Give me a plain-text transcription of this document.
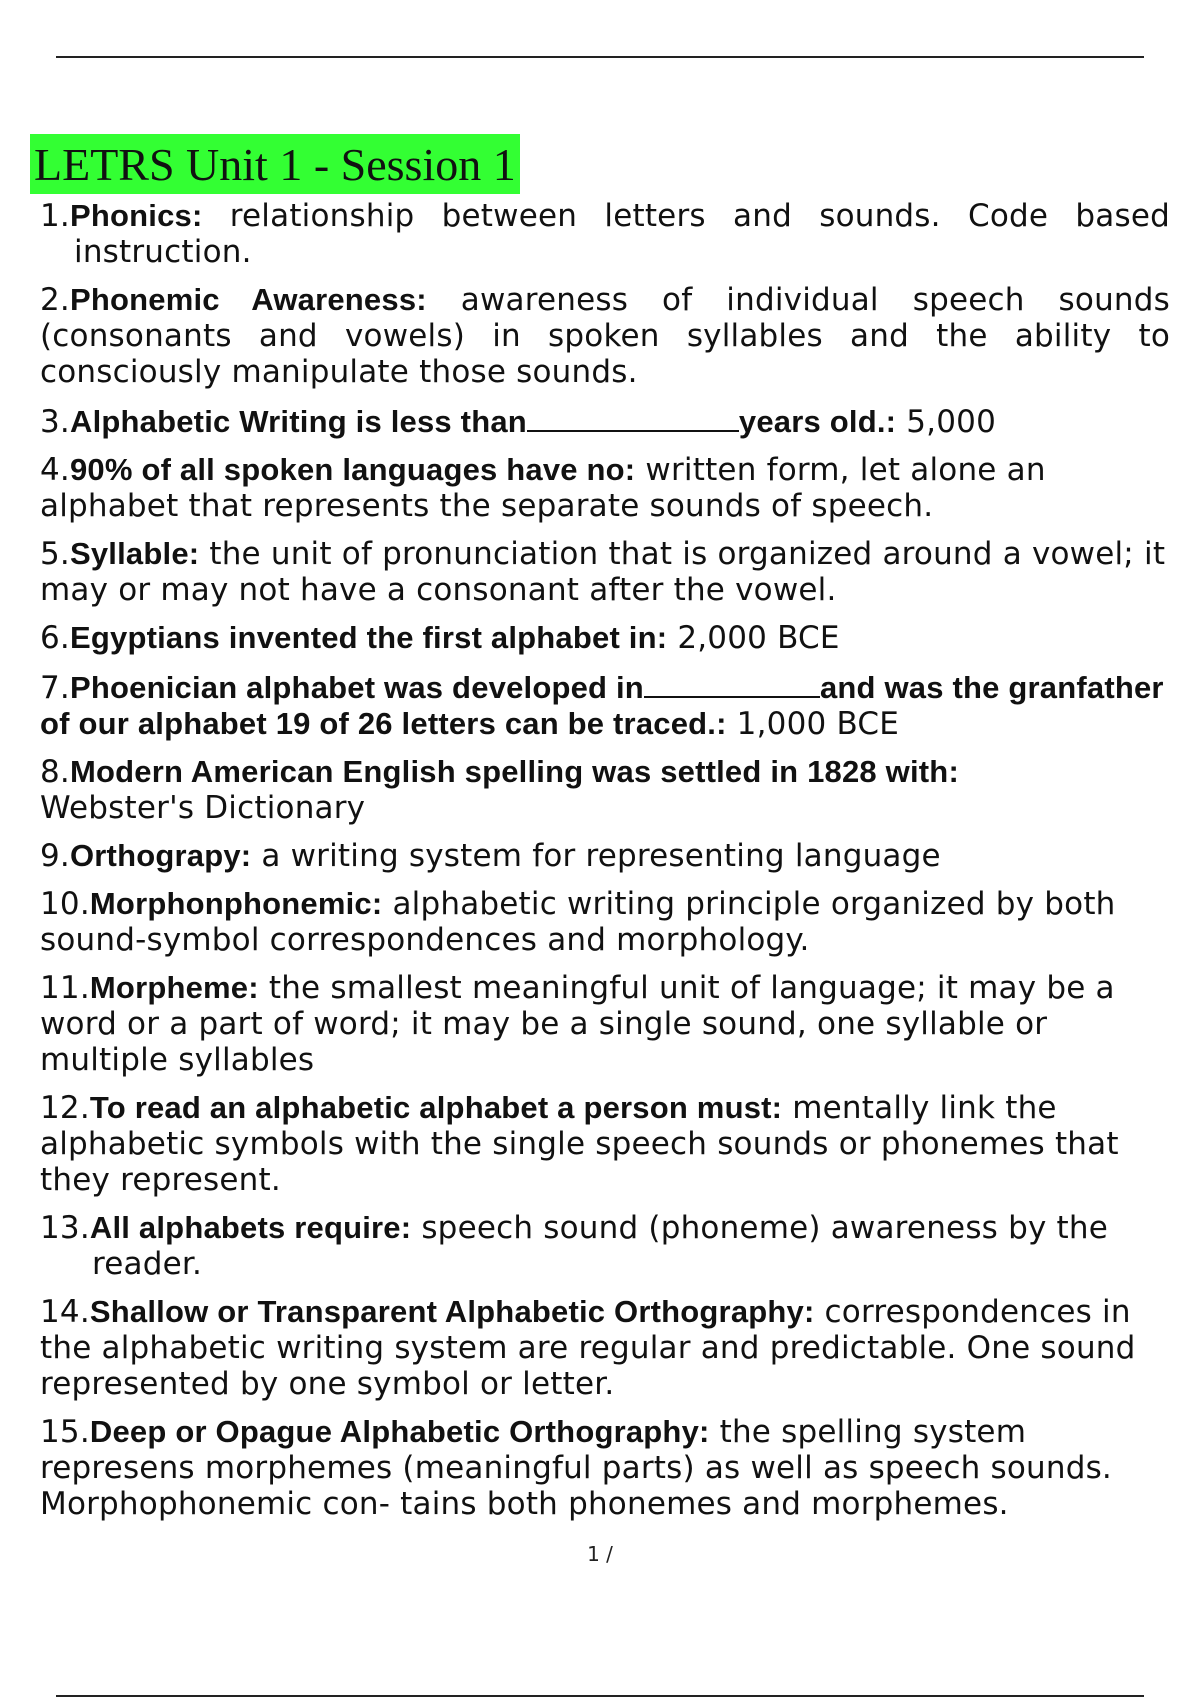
LETRS Unit 1 - Session 1
1.Phonics: relationship between letters and sounds. Code based instruction.
2.Phonemic Awareness: awareness of individual speech sounds (consonants and vowels) in spoken syllables and the ability to consciously manipulate those sounds.
3.Alphabetic Writing is less than	years old.: 5,000
4.90% of all spoken languages have no: written form, let alone an alphabet that represents the separate sounds of speech.
5.Syllable: the unit of pronunciation that is organized around a vowel; it may or may not have a consonant after the vowel.
6.Egyptians invented the first alphabet in: 2,000 BCE
7.Phoenician alphabet was developed in	and was the granfather of our alphabet 19 of 26 letters can be traced.: 1,000 BCE
8.Modern American English spelling was settled in 1828 with:
Webster's Dictionary
9.Orthograpy: a writing system for representing language
10.Morphonphonemic: alphabetic writing principle organized by both sound-symbol correspondences and morphology.
11.Morpheme: the smallest meaningful unit of language; it may be a word or a part of word; it may be a single sound, one syllable or multiple syllables
12.To read an alphabetic alphabet a person must: mentally link the alphabetic symbols with the single speech sounds or phonemes that they represent.
13.All alphabets require: speech sound (phoneme) awareness by the reader.
14.Shallow or Transparent Alphabetic Orthography: correspondences in the alphabetic writing system are regular and predictable. One sound represented by one symbol or letter.
15.Deep or Opague Alphabetic Orthography: the spelling system represens morphemes (meaningful parts) as well as speech sounds. Morphophonemic con- tains both phonemes and morphemes.
1 /
